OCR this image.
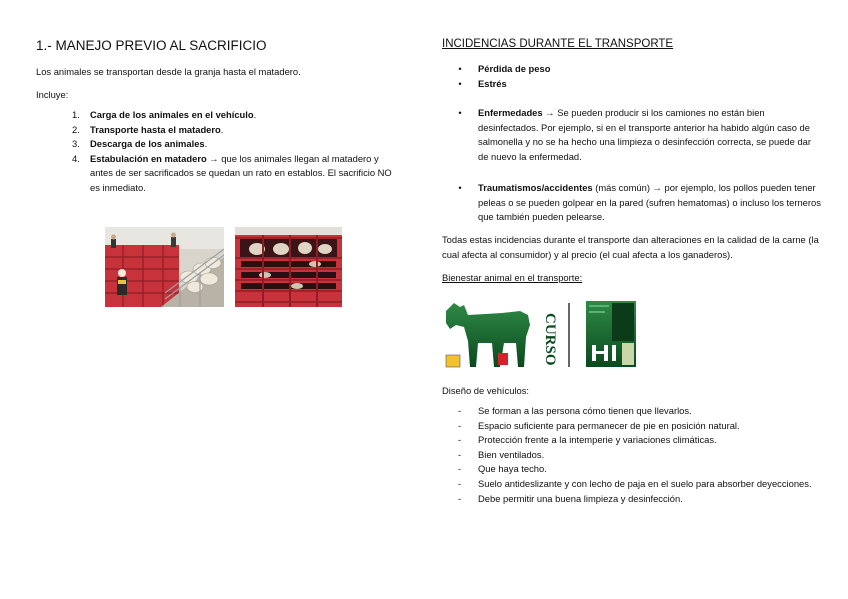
1.- MANEJO PREVIO AL SACRIFICIO
Los animales se transportan desde la granja hasta el matadero.
Incluye:
1.	Carga de los animales en el vehículo.
2.	Transporte hasta el matadero.
3.	Descarga de los animales.
4.	Estabulación en matadero → que los animales llegan al matadero y antes de ser sacrificados se quedan un rato en establos. El sacrificio NO es inmediato.
INCIDENCIAS DURANTE EL TRANSPORTE
•	Pérdida de peso
•	Estrés
•	Enfermedades → Se pueden producir si los camiones no están bien desinfectados. Por ejemplo, si en el transporte anterior ha habido algún caso de salmonella y no se ha hecho una limpieza o desinfección correcta, se puede dar de nuevo la enfermedad.
•	Traumatismos/accidentes (más común) → por ejemplo, los pollos pueden tener peleas o se pueden golpear en la pared (sufren hematomas) o incluso los terneros que también pueden pelearse.
Todas estas incidencias durante el transporte dan alteraciones en la calidad de la carne (la cual afecta al consumidor) y al precio (el cual afecta a los ganaderos).
Bienestar animal en el transporte:
CURSO
Diseño de vehículos:
-	Se forman a las persona cómo tienen que llevarlos.
-	Espacio suficiente para permanecer de pie en posición natural.
-	Protección frente a la intemperie y variaciones climáticas.
-	Bien ventilados.
-	Que haya techo.
-	Suelo antideslizante y con lecho de paja en el suelo para absorber deyecciones.
-	Debe permitir una buena limpieza y desinfección.
